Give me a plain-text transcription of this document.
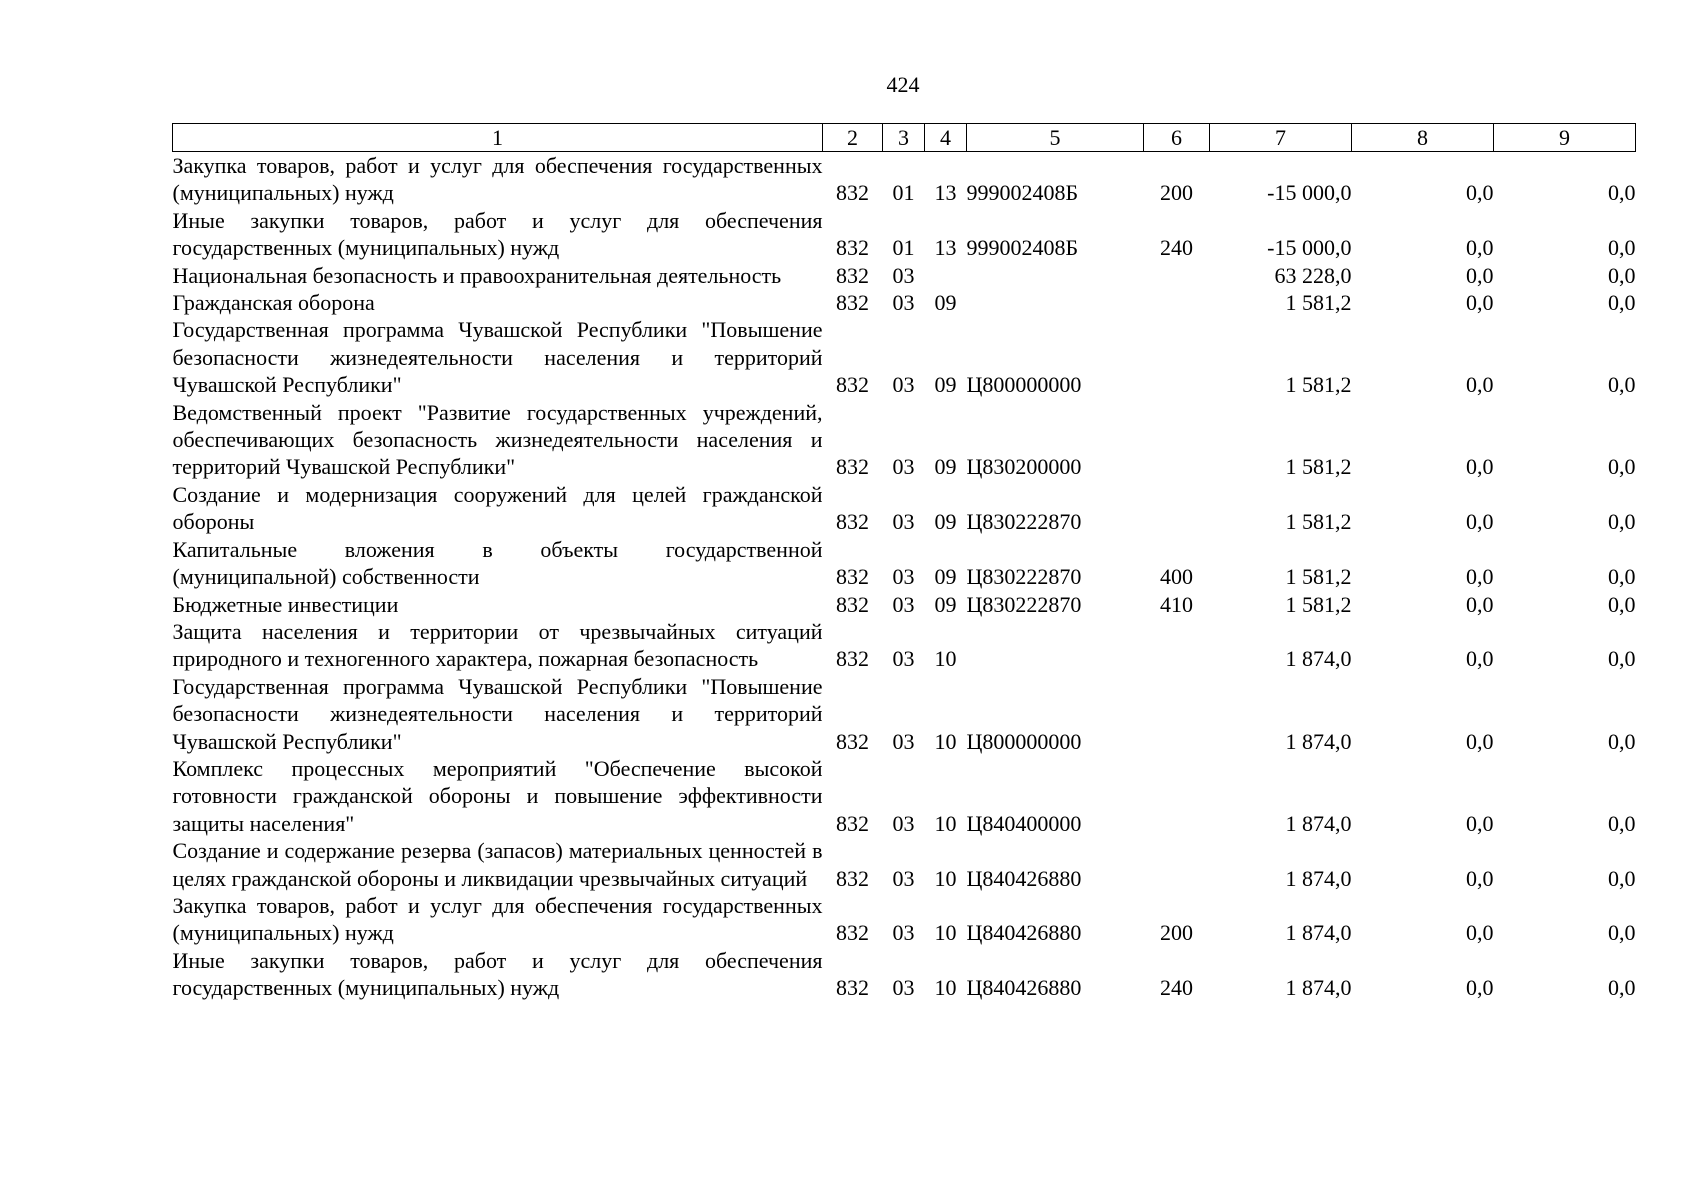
424
1	2	3	4	5	6	7	8	9
Закупка товаров, работ и услуг для обеспечения государственных (муниципальных) нужд	832	01	13	999002408Б	200	-15 000,0	0,0	0,0
Иные закупки товаров, работ и услуг для обеспечения государственных (муниципальных) нужд	832	01	13	999002408Б	240	-15 000,0	0,0	0,0
Национальная безопасность и правоохранительная деятельность	832	03				63 228,0	0,0	0,0
Гражданская оборона	832	03	09			1 581,2	0,0	0,0
Государственная программа Чувашской Республики "Повышение безопасности жизнедеятельности населения и территорий Чувашской Республики"	832	03	09	Ц800000000		1 581,2	0,0	0,0
Ведомственный проект "Развитие государственных учреждений, обеспечивающих безопасность жизнедеятельности населения и территорий Чувашской Республики"	832	03	09	Ц830200000		1 581,2	0,0	0,0
Создание и модернизация сооружений для целей гражданской обороны	832	03	09	Ц830222870		1 581,2	0,0	0,0
Капитальные вложения в объекты государственной (муниципальной) собственности	832	03	09	Ц830222870	400	1 581,2	0,0	0,0
Бюджетные инвестиции	832	03	09	Ц830222870	410	1 581,2	0,0	0,0
Защита населения и территории от чрезвычайных ситуаций природного и техногенного характера, пожарная безопасность	832	03	10			1 874,0	0,0	0,0
Государственная программа Чувашской Республики "Повышение безопасности жизнедеятельности населения и территорий Чувашской Республики"	832	03	10	Ц800000000		1 874,0	0,0	0,0
Комплекс процессных мероприятий "Обеспечение высокой готовности гражданской обороны и повышение эффективности защиты населения"	832	03	10	Ц840400000		1 874,0	0,0	0,0
Создание и содержание резерва (запасов) материальных ценностей в целях гражданской обороны и ликвидации чрезвычайных ситуаций	832	03	10	Ц840426880		1 874,0	0,0	0,0
Закупка товаров, работ и услуг для обеспечения государственных (муниципальных) нужд	832	03	10	Ц840426880	200	1 874,0	0,0	0,0
Иные закупки товаров, работ и услуг для обеспечения государственных (муниципальных) нужд	832	03	10	Ц840426880	240	1 874,0	0,0	0,0
